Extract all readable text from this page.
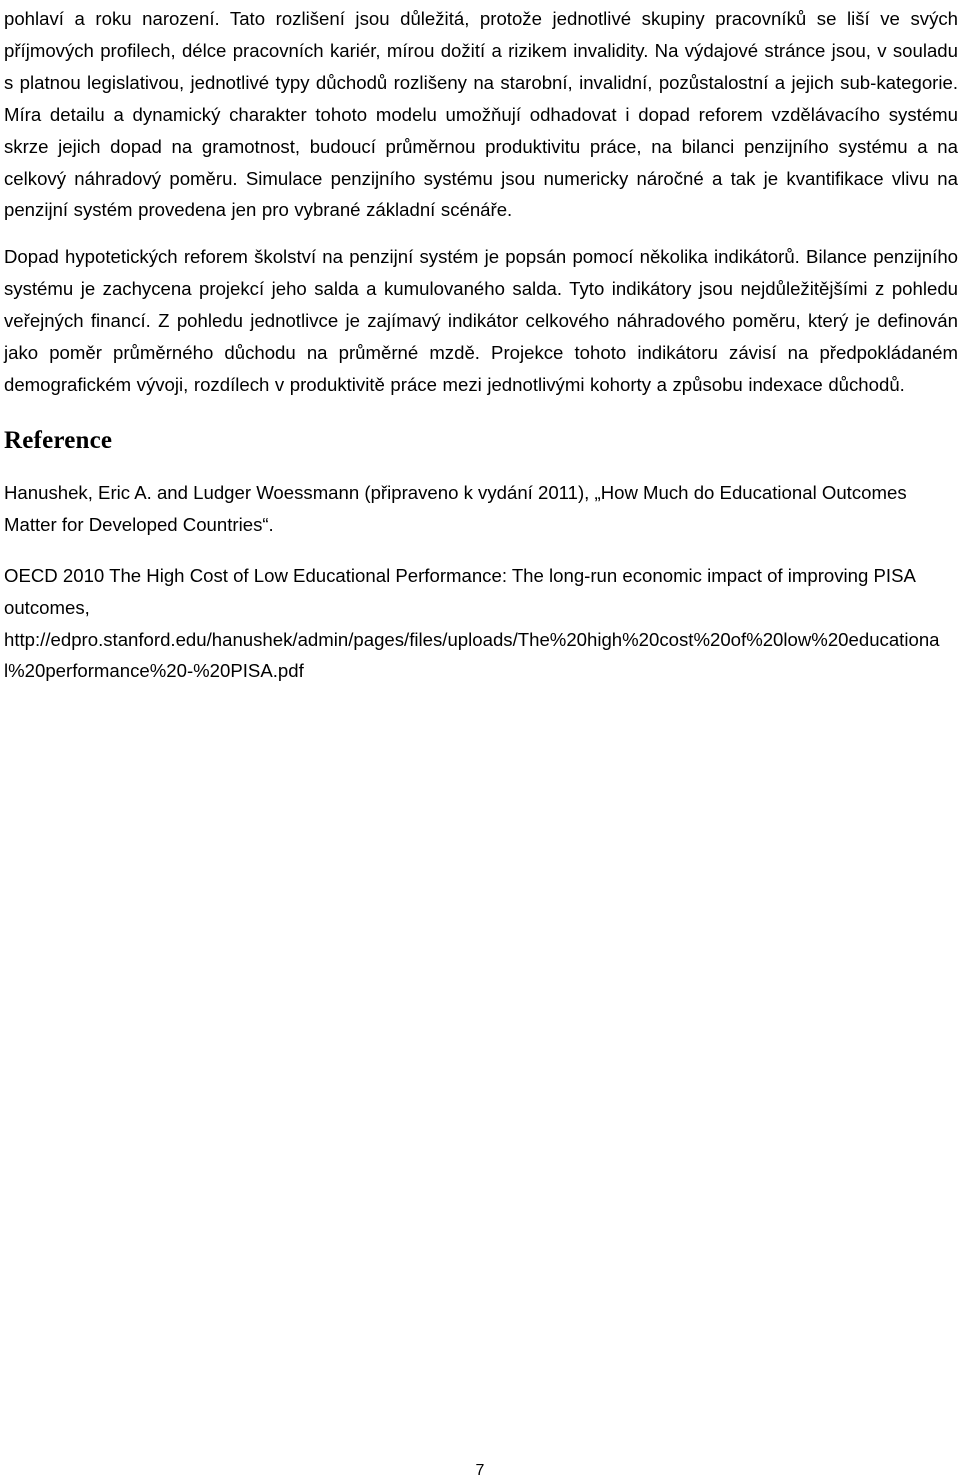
pohlaví a roku narození. Tato rozlišení jsou důležitá, protože jednotlivé skupiny pracovníků se liší ve svých příjmových profilech, délce pracovních kariér, mírou dožití a rizikem invalidity. Na výdajové stránce jsou, v souladu s platnou legislativou, jednotlivé typy důchodů rozlišeny na starobní, invalidní, pozůstalostní a jejich sub-kategorie. Míra detailu a dynamický charakter tohoto modelu umožňují odhadovat i dopad reforem vzdělávacího systému skrze jejich dopad na gramotnost, budoucí průměrnou produktivitu práce, na bilanci penzijního systému a na celkový náhradový poměru. Simulace penzijního systému jsou numericky náročné a tak je kvantifikace vlivu na penzijní systém provedena jen pro vybrané základní scénáře.

Dopad hypotetických reforem školství na penzijní systém je popsán pomocí několika indikátorů. Bilance penzijního systému je zachycena projekcí jeho salda a kumulovaného salda. Tyto indikátory jsou nejdůležitějšími z pohledu veřejných financí. Z pohledu jednotlivce je zajímavý indikátor celkového náhradového poměru, který je definován jako poměr průměrného důchodu na průměrné mzdě. Projekce tohoto indikátoru závisí na předpokládaném demografickém vývoji, rozdílech v produktivitě práce mezi jednotlivými kohorty a způsobu indexace důchodů.

Reference

Hanushek, Eric A. and Ludger Woessmann (připraveno k vydání 2011), „How Much do Educational Outcomes Matter for Developed Countries“.

OECD 2010 The High Cost of Low Educational Performance: The long-run economic impact of improving PISA outcomes,
http://edpro.stanford.edu/hanushek/admin/pages/files/uploads/The%20high%20cost%20of%20low%20educational%20performance%20-%20PISA.pdf
7
